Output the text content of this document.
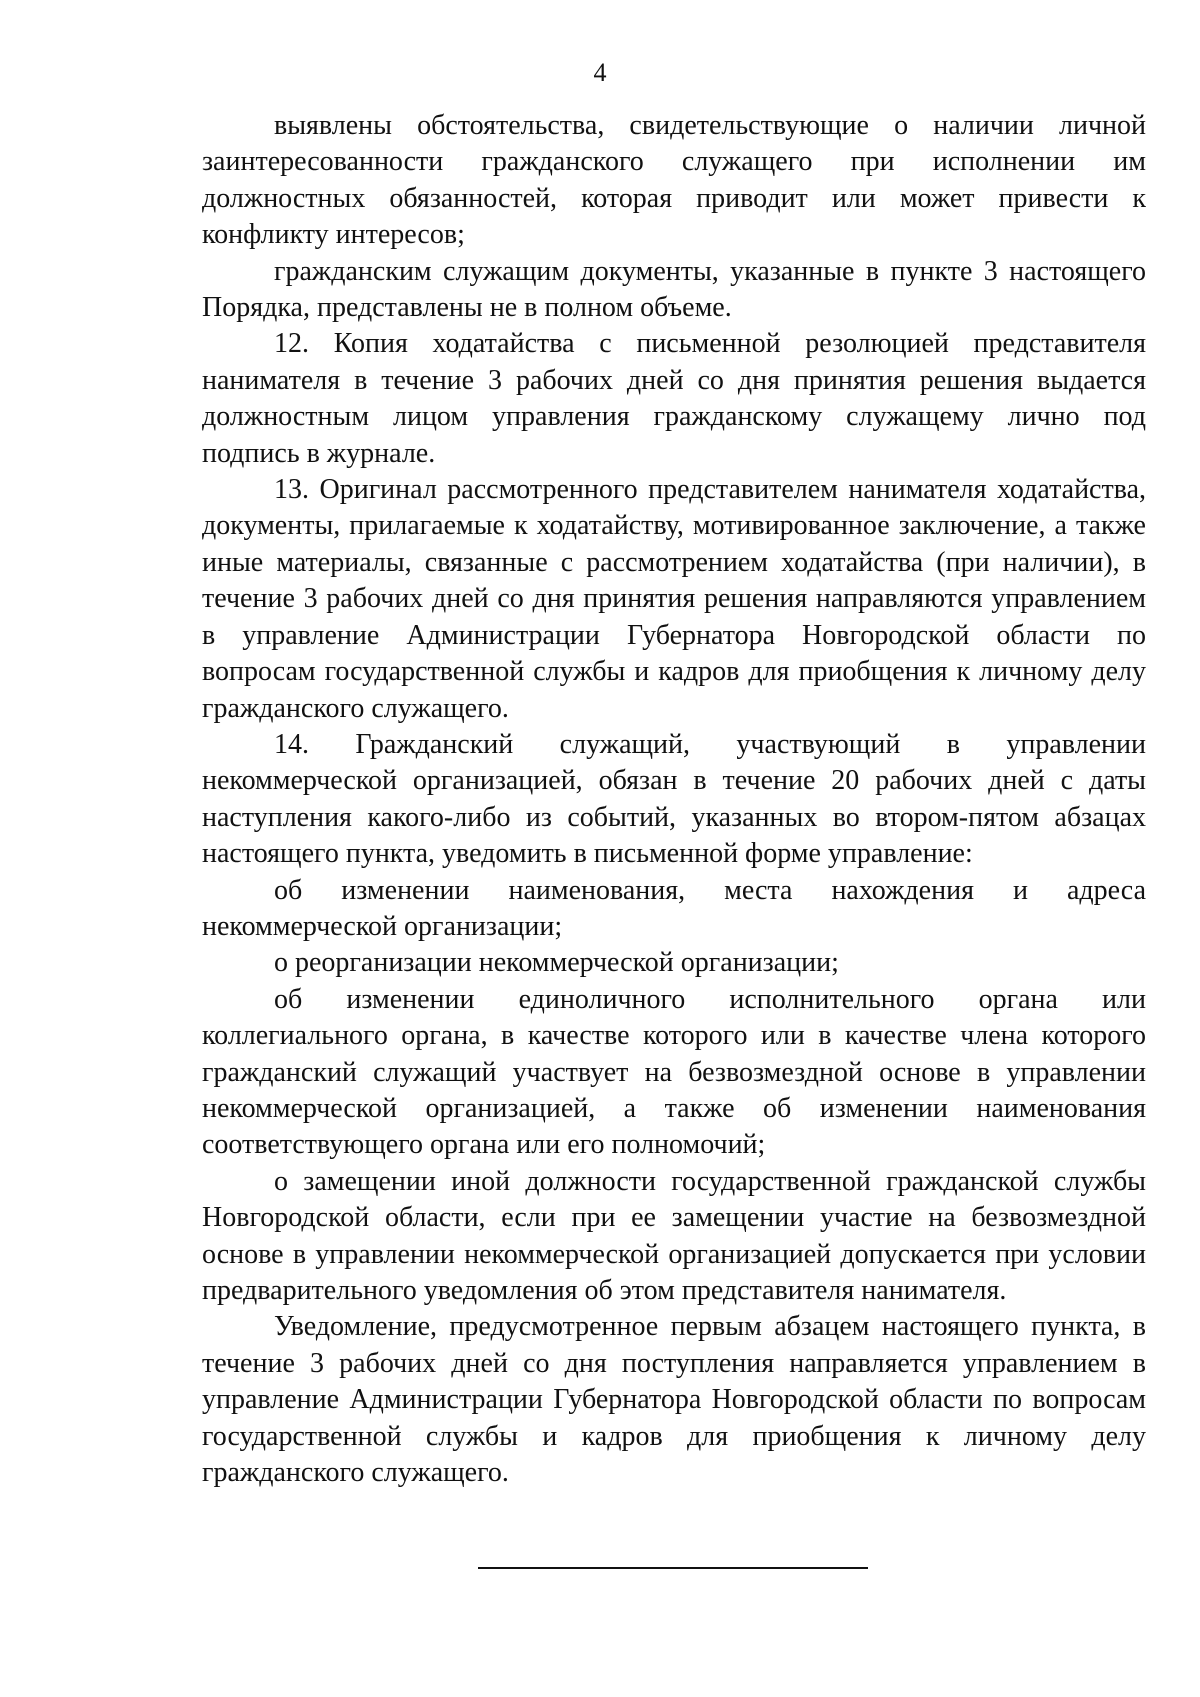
4

выявлены обстоятельства, свидетельствующие о наличии личной заинтересованности гражданского служащего при исполнении им должностных обязанностей, которая приводит или может привести к конфликту интересов;

гражданским служащим документы, указанные в пункте 3 настоящего Порядка, представлены не в полном объеме.

12. Копия ходатайства с письменной резолюцией представителя нанимателя в течение 3 рабочих дней со дня принятия решения выдается должностным лицом управления гражданскому служащему лично под подпись в журнале.

13. Оригинал рассмотренного представителем нанимателя ходатайства, документы, прилагаемые к ходатайству, мотивированное заключение, а также иные материалы, связанные с рассмотрением ходатайства (при наличии), в течение 3 рабочих дней со дня принятия решения направляются управлением в управление Администрации Губернатора Новгородской области по вопросам государственной службы и кадров для приобщения к личному делу гражданского служащего.

14. Гражданский служащий, участвующий в управлении некоммерческой организацией, обязан в течение 20 рабочих дней с даты наступления какого-либо из событий, указанных во втором-пятом абзацах настоящего пункта, уведомить в письменной форме управление:

об изменении наименования, места нахождения и адреса некоммерческой организации;

о реорганизации некоммерческой организации;

об изменении единоличного исполнительного органа или коллегиального органа, в качестве которого или в качестве члена которого гражданский служащий участвует на безвозмездной основе в управлении некоммерческой организацией, а также об изменении наименования соответствующего органа или его полномочий;

о замещении иной должности государственной гражданской службы Новгородской области, если при ее замещении участие на безвозмездной основе в управлении некоммерческой организацией допускается при условии предварительного уведомления об этом представителя нанимателя.

Уведомление, предусмотренное первым абзацем настоящего пункта, в течение 3 рабочих дней со дня поступления направляется управлением в управление Администрации Губернатора Новгородской области по вопросам государственной службы и кадров для приобщения к личному делу гражданского служащего.
